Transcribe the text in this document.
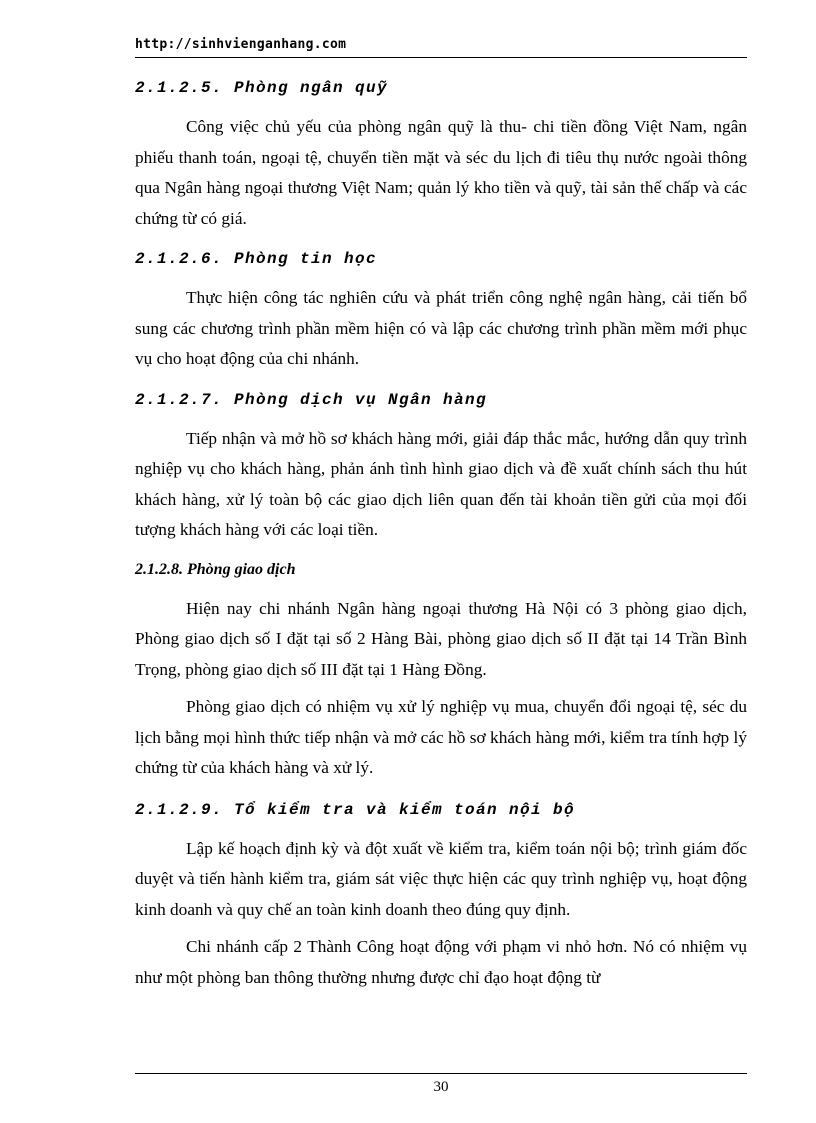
http://sinhvienganhang.com
2.1.2.5. Phòng ngân quỹ

Công việc chủ yếu của phòng ngân quỹ là thu- chi tiền đồng Việt Nam, ngân phiếu thanh toán, ngoại tệ, chuyển tiền mặt và séc du lịch đi tiêu thụ nước ngoài thông qua Ngân hàng ngoại thương Việt Nam; quản lý kho tiền và quỹ, tài sản thế chấp và các chứng từ có giá.

2.1.2.6. Phòng tin học

Thực hiện công tác nghiên cứu và phát triển công nghệ ngân hàng, cải tiến bổ sung các chương trình phần mềm hiện có và lập các chương trình phần mềm mới phục vụ cho hoạt động của chi nhánh.

2.1.2.7. Phòng dịch vụ Ngân hàng

Tiếp nhận và mở hồ sơ khách hàng mới, giải đáp thắc mắc, hướng dẫn quy trình nghiệp vụ cho khách hàng, phản ánh tình hình giao dịch và đề xuất chính sách thu hút khách hàng, xử lý toàn bộ các giao dịch liên quan đến tài khoản tiền gửi của mọi đối tượng khách hàng với các loại tiền.

2.1.2.8. Phòng giao dịch

Hiện nay chi nhánh Ngân hàng ngoại thương Hà Nội có 3 phòng giao dịch, Phòng giao dịch số I đặt tại số 2 Hàng Bài, phòng giao dịch số II đặt tại 14 Trần Bình Trọng, phòng giao dịch số III đặt tại 1 Hàng Đồng.

Phòng giao dịch có nhiệm vụ xử lý nghiệp vụ mua, chuyển đổi ngoại tệ, séc du lịch bằng mọi hình thức tiếp nhận và mở các hồ sơ khách hàng mới, kiểm tra tính hợp lý chứng từ của khách hàng và xử lý.

2.1.2.9. Tổ kiểm tra và kiểm toán nội bộ

Lập kế hoạch định kỳ và đột xuất về kiểm tra, kiểm toán nội bộ; trình giám đốc duyệt và tiến hành kiểm tra, giám sát việc thực hiện các quy trình nghiệp vụ, hoạt động kinh doanh và quy chế an toàn kinh doanh theo đúng quy định.

Chi nhánh cấp 2 Thành Công hoạt động với phạm vi nhỏ hơn. Nó có nhiệm vụ như một phòng ban thông thường nhưng được chỉ đạo hoạt động từ

30
